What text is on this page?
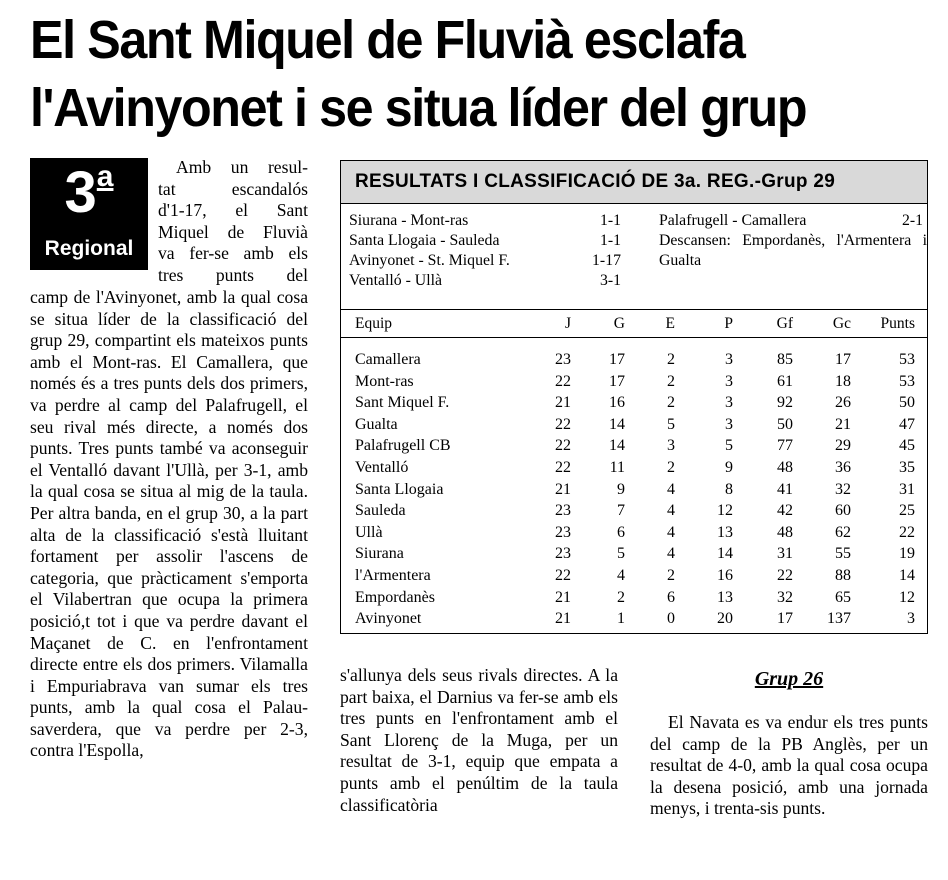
El Sant Miquel de Fluvià esclafa
l'Avinyonet i se situa líder del grup
3$^a$
Regional
Amb un resul-
tat escandalós
d'1-17, el Sant
Miquel de Fluvià
va fer-se amb els
tres punts del
camp de l'Avinyonet, amb la qual cosa se situa líder de la classificació del grup 29, compartint els mateixos punts amb el Mont-ras. El Camallera, que només és a tres punts dels dos primers, va perdre al camp del Palafrugell, el seu rival més directe, a només dos punts. Tres punts també va aconseguir el Ventalló davant l'Ullà, per 3-1, amb la qual cosa se situa al mig de la taula. Per altra banda, en el grup 30, a la part alta de la classificació s'està lluitant fortament per assolir l'ascens de categoria, que pràcticament s'emporta el Vilabertran que ocupa la primera posició,t tot i que va perdre davant el Maçanet de C. en l'enfrontament directe entre els dos primers. Vilamalla i Empuriabrava van sumar els tres punts, amb la qual cosa el Palau-saverdera, que va perdre per 2-3, contra l'Espolla,
RESULTATS I CLASSIFICACIÓ DE 3a. REG.-Grup 29
Siurana - Mont-ras	1-1
Santa Llogaia - Sauleda	1-1
Avinyonet - St. Miquel F.	1-17
Ventalló - Ullà	3-1
Palafrugell - Camallera	2-1
Descansen: Empordanès, l'Armentera i Gualta
Equip	J	G	E	P	Gf	Gc	Punts
Camallera	23	17	2	3	85	17	53
Mont-ras	22	17	2	3	61	18	53
Sant Miquel F.	21	16	2	3	92	26	50
Gualta	22	14	5	3	50	21	47
Palafrugell CB	22	14	3	5	77	29	45
Ventalló	22	11	2	9	48	36	35
Santa Llogaia	21	9	4	8	41	32	31
Sauleda	23	7	4	12	42	60	25
Ullà	23	6	4	13	48	62	22
Siurana	23	5	4	14	31	55	19
l'Armentera	22	4	2	16	22	88	14
Empordanès	21	2	6	13	32	65	12
Avinyonet	21	1	0	20	17	137	3
s'allunya dels seus rivals directes. A la part baixa, el Darnius va fer-se amb els tres punts en l'enfrontament amb el Sant Llorenç de la Muga, per un resultat de 3-1, equip que empata a punts amb el penúltim de la taula classificatòria
Grup 26
El Navata es va endur els tres punts del camp de la PB Anglès, per un resultat de 4-0, amb la qual cosa ocupa la desena posició, amb una jornada menys, i trenta-sis punts.
